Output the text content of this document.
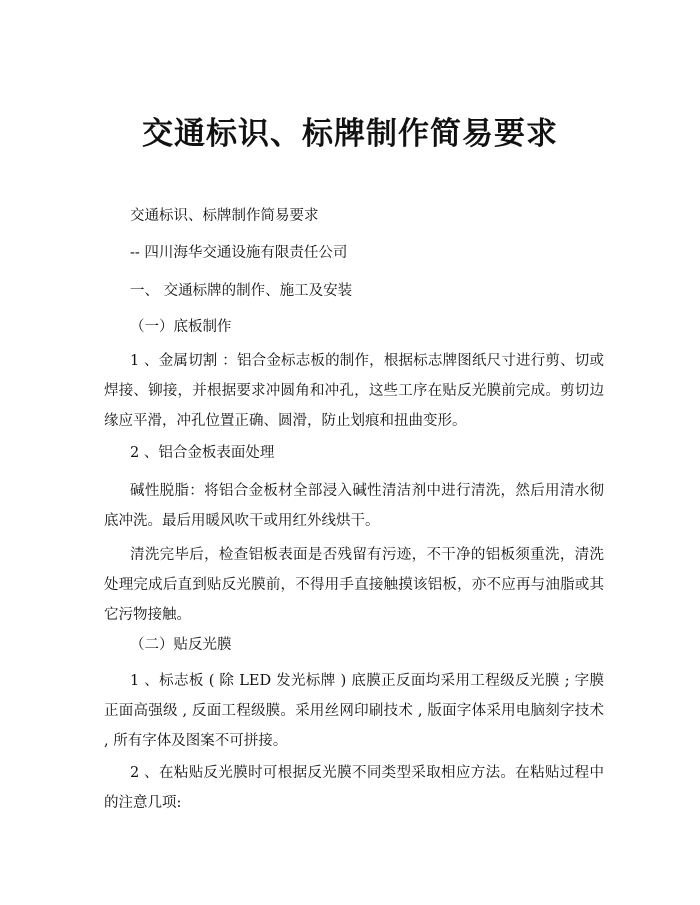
交通标识、标牌制作简易要求

交通标识、标牌制作简易要求

-- 四川海华交通设施有限责任公司

一、 交通标牌的制作、施工及安装

（一）底板制作

1 、金属切割 ：铝合金标志板的制作，根据标志牌图纸尺寸进行剪、切或焊接、铆接，并根据要求冲圆角和冲孔，这些工序在贴反光膜前完成。剪切边缘应平滑，冲孔位置正确、圆滑，防止划痕和扭曲变形。

2 、铝合金板表面处理

碱性脱脂：将铝合金板材全部浸入碱性清洁剂中进行清洗，然后用清水彻底冲洗。最后用暖风吹干或用红外线烘干。

清洗完毕后，检查铝板表面是否残留有污迹，不干净的铝板须重洗，清洗处理完成后直到贴反光膜前，不得用手直接触摸该铝板，亦不应再与油脂或其它污物接触。

（二）贴反光膜

1 、标志板 ( 除 LED 发光标牌 ) 底膜正反面均采用工程级反光膜 ; 字膜正面高强级 , 反面工程级膜。采用丝网印刷技术 , 版面字体采用电脑刻字技术 , 所有字体及图案不可拼接。

2 、在粘贴反光膜时可根据反光膜不同类型采取相应方法。在粘贴过程中的注意几项:
